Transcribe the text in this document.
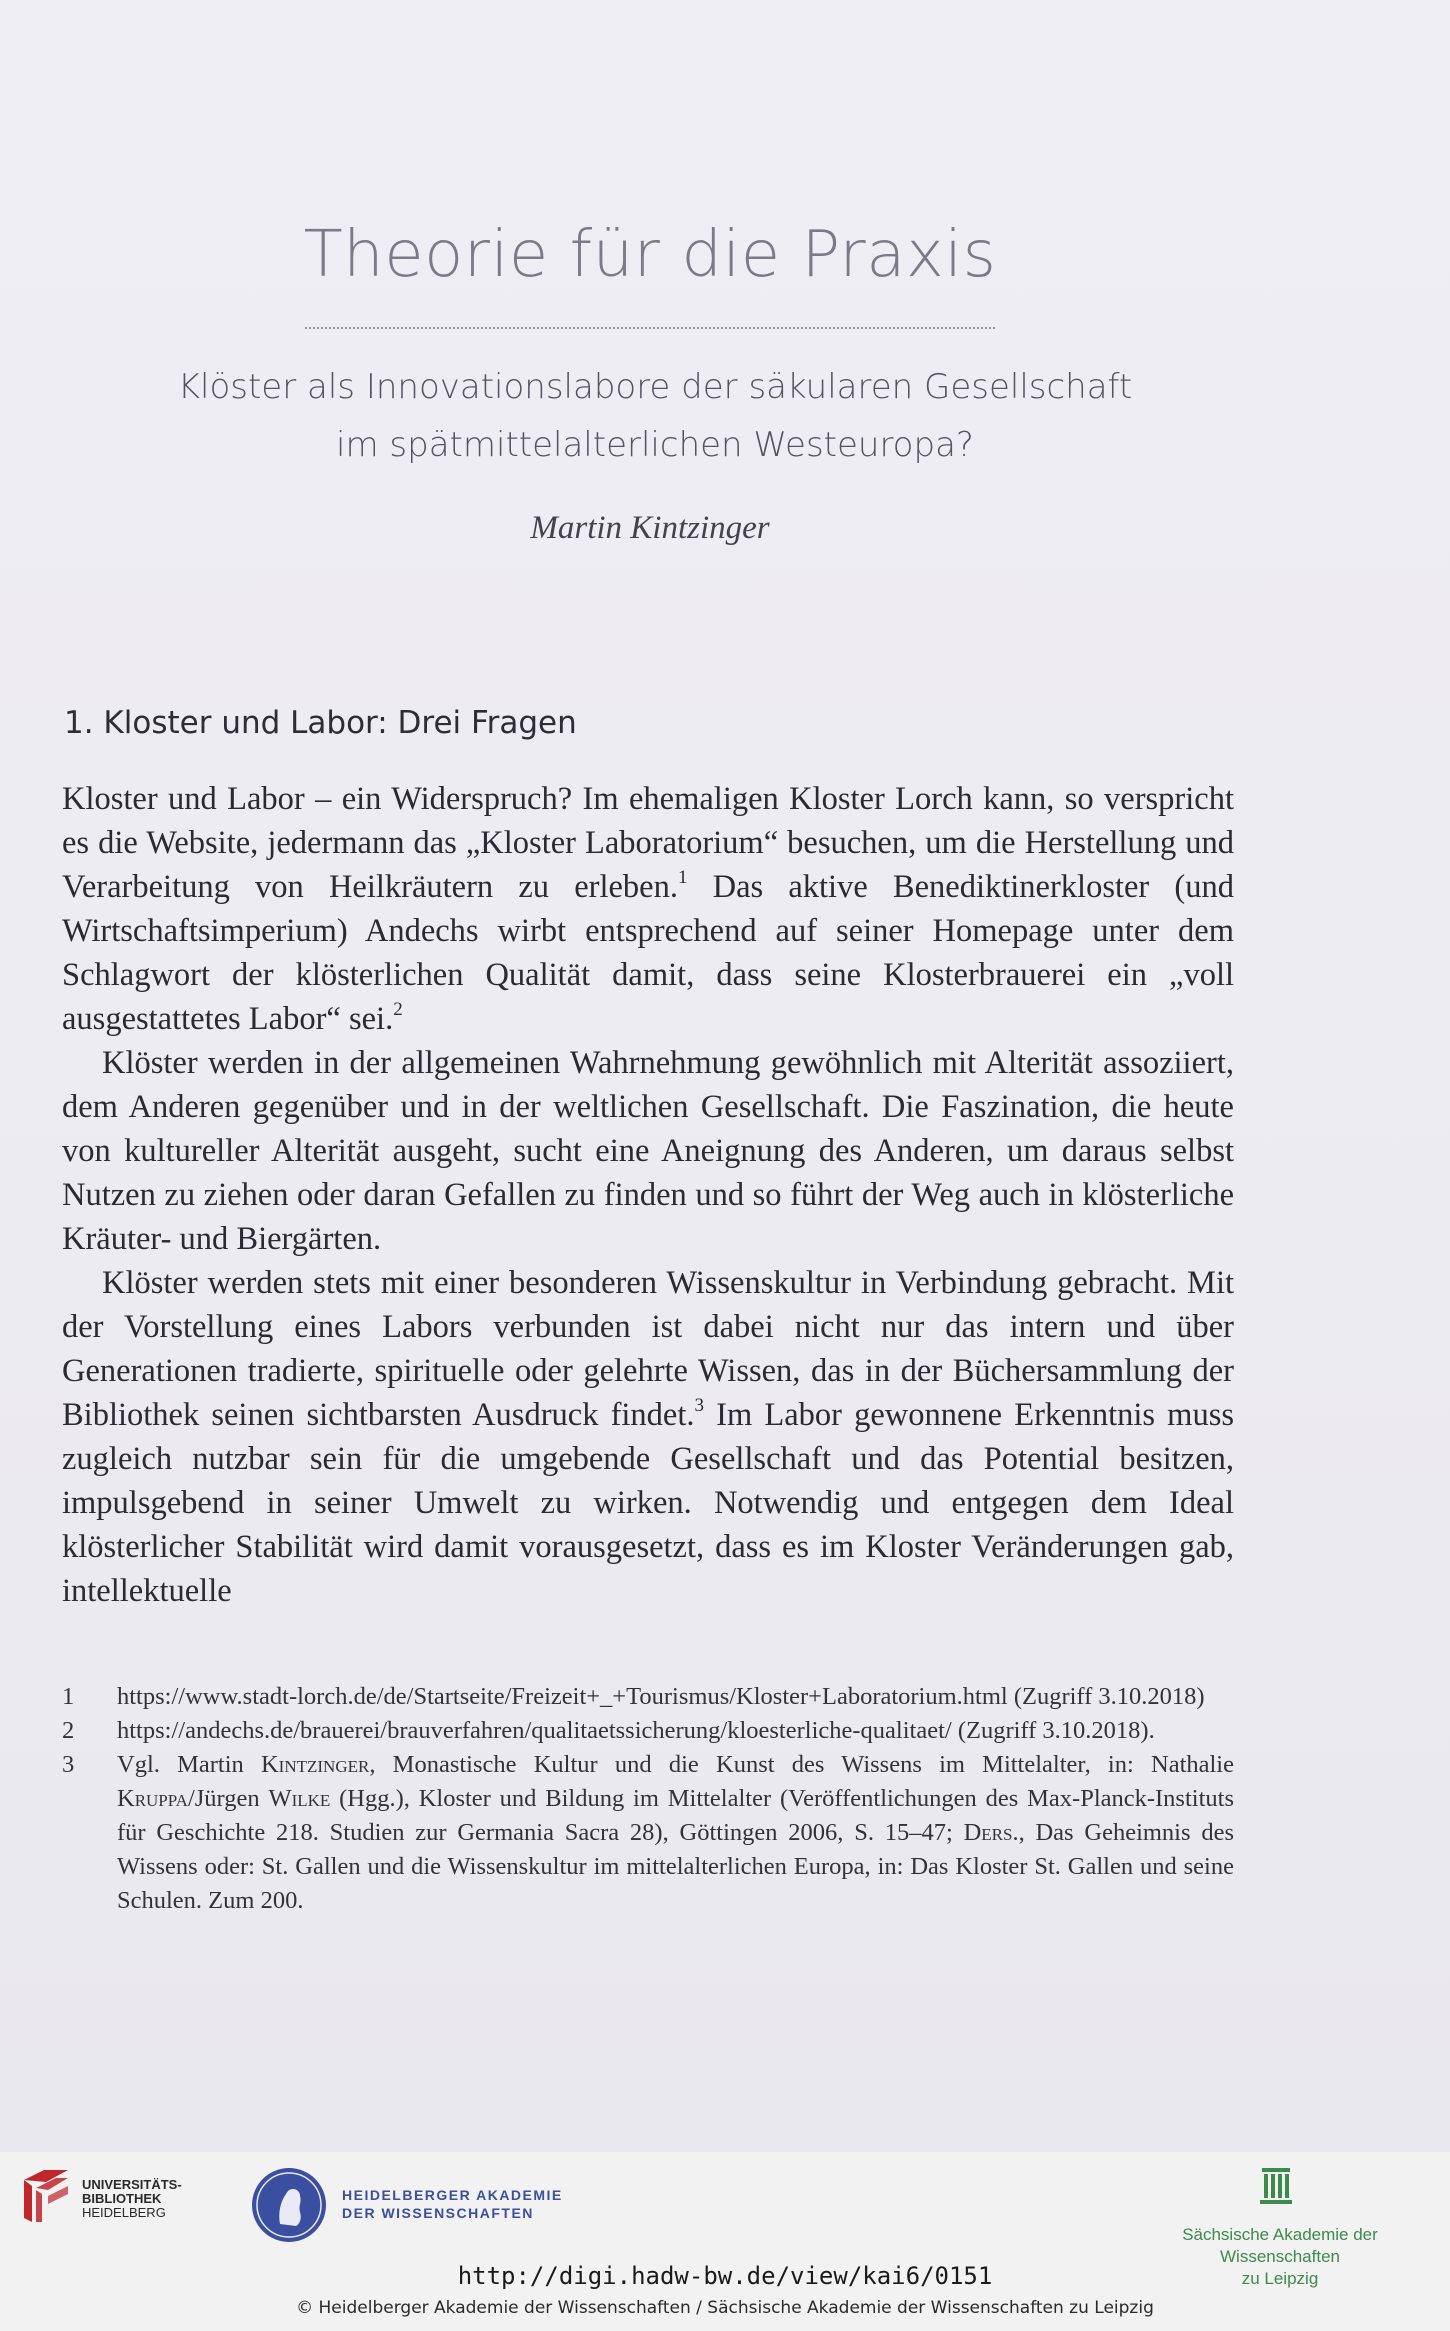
Theorie für die Praxis
Klöster als Innovationslabore der säkularen Gesellschaft
im spätmittelalterlichen Westeuropa?
Martin Kintzinger
1. Kloster und Labor: Drei Fragen

Kloster und Labor – ein Widerspruch? Im ehemaligen Kloster Lorch kann, so verspricht es die Website, jedermann das „Kloster Laboratorium“ besuchen, um die Herstellung und Verarbeitung von Heilkräutern zu erleben.$^1$ Das aktive Benediktinerkloster (und Wirtschaftsimperium) Andechs wirbt entsprechend auf seiner Homepage unter dem Schlagwort der klösterlichen Qualität damit, dass seine Klosterbrauerei ein „voll ausgestattetes Labor“ sei.$^2$

Klöster werden in der allgemeinen Wahrnehmung gewöhnlich mit Alterität assoziiert, dem Anderen gegenüber und in der weltlichen Gesellschaft. Die Faszination, die heute von kultureller Alterität ausgeht, sucht eine Aneignung des Anderen, um daraus selbst Nutzen zu ziehen oder daran Gefallen zu finden und so führt der Weg auch in klösterliche Kräuter- und Biergärten.

Klöster werden stets mit einer besonderen Wissenskultur in Verbindung gebracht. Mit der Vorstellung eines Labors verbunden ist dabei nicht nur das intern und über Generationen tradierte, spirituelle oder gelehrte Wissen, das in der Büchersammlung der Bibliothek seinen sichtbarsten Ausdruck findet.$^3$ Im Labor gewonnene Erkenntnis muss zugleich nutzbar sein für die umgebende Gesellschaft und das Potential besitzen, impulsgebend in seiner Umwelt zu wirken. Notwendig und entgegen dem Ideal klösterlicher Stabilität wird damit vorausgesetzt, dass es im Kloster Veränderungen gab, intellektuelle

1	https://www.stadt-lorch.de/de/Startseite/Freizeit+_+Tourismus/Kloster+Laboratorium.html (Zugriff 3.10.2018)
2	https://andechs.de/brauerei/brauverfahren/qualitaetssicherung/kloesterliche-qualitaet/ (Zugriff 3.10.2018).
3	Vgl. Martin Kintzinger, Monastische Kultur und die Kunst des Wissens im Mittelalter, in: Nathalie Kruppa/Jürgen Wilke (Hgg.), Kloster und Bildung im Mittelalter (Veröffentlichungen des Max-Planck-Instituts für Geschichte 218. Studien zur Germania Sacra 28), Göttingen 2006, S. 15–47; Ders., Das Geheimnis des Wissens oder: St. Gallen und die Wissenskultur im mittelalterlichen Europa, in: Das Kloster St. Gallen und seine Schulen. Zum 200.
UNIVERSITÄTS-
BIBLIOTHEK
HEIDELBERG
HEIDELBERGER AKADEMIE
DER WISSENSCHAFTEN
Sächsische Akademie der Wissenschaften
zu Leipzig
http://digi.hadw-bw.de/view/kai6/0151
© Heidelberger Akademie der Wissenschaften / Sächsische Akademie der Wissenschaften zu Leipzig
